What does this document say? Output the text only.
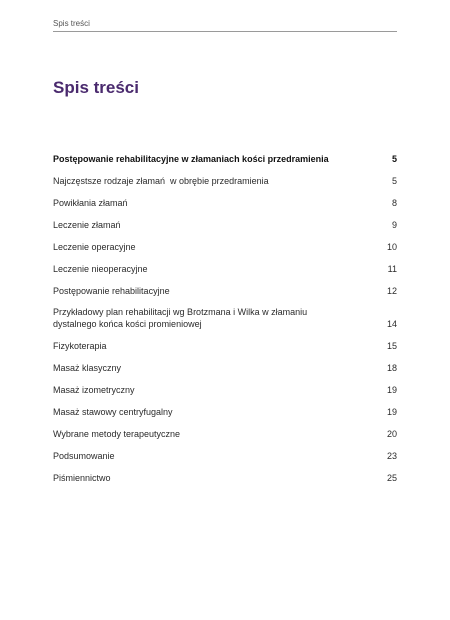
Spis treści
Spis treści
Postępowanie rehabilitacyjne w złamaniach kości przedramienia	5
Najczęstsze rodzaje złamań  w obrębie przedramienia	5
Powikłania złamań	8
Leczenie złamań	9
Leczenie operacyjne	10
Leczenie nieoperacyjne	11
Postępowanie rehabilitacyjne	12
Przykładowy plan rehabilitacji wg Brotzmana i Wilka w złamaniu
dystalnego końca kości promieniowej	14
Fizykoterapia	15
Masaż klasyczny	18
Masaż izometryczny	19
Masaż stawowy centryfugalny	19
Wybrane metody terapeutyczne	20
Podsumowanie	23
Piśmiennictwo	25
